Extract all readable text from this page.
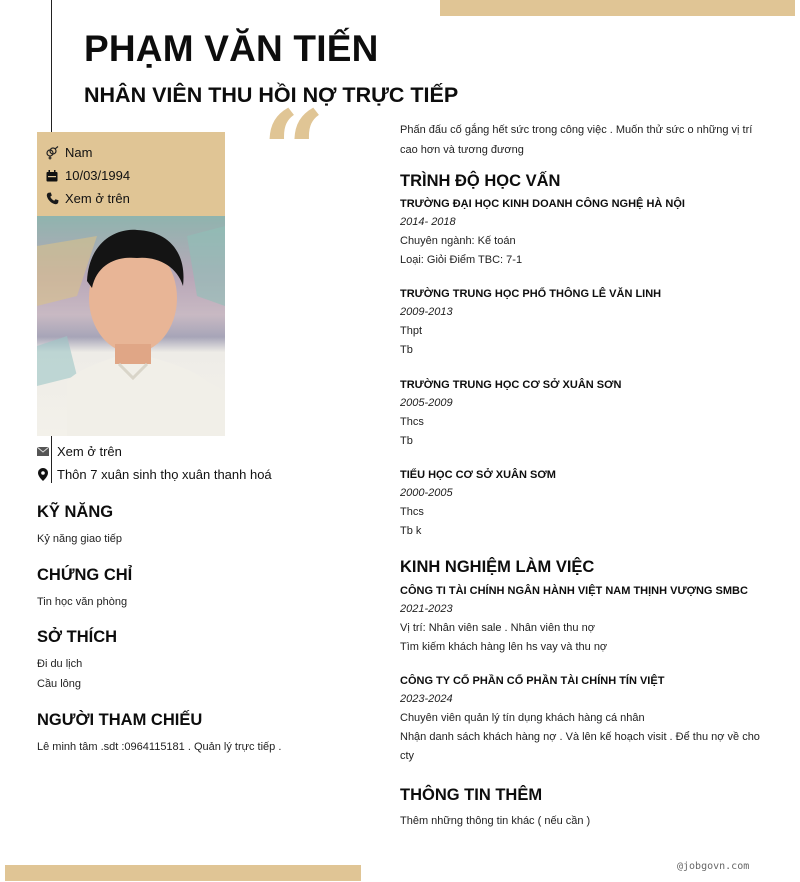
PHẠM VĂN TIẾN
NHÂN VIÊN THU HỒI NỢ TRỰC TIẾP
“
Nam
10/03/1994
Xem ở trên
Xem ở trên
Thôn 7 xuân sinh thọ xuân thanh hoá
KỸ NĂNG
Kỷ năng giao tiếp
CHỨNG CHỈ
Tin học văn phòng
SỞ THÍCH
Đi du lịch
Cầu lông
NGƯỜI THAM CHIẾU
Lê minh tâm .sdt :0964115181 . Quản lý trực tiếp .
Phấn đấu cố gắng hết sức trong công việc . Muốn thử sức o những vị trí
cao hơn và tương đương
TRÌNH ĐỘ HỌC VẤN
TRƯỜNG ĐẠI HỌC KINH DOANH CÔNG NGHỆ HÀ NỘI
2014- 2018
Chuyên ngành: Kế toán
Loại: Giỏi Điểm TBC: 7-1
TRƯỜNG TRUNG HỌC PHỔ THÔNG LÊ VĂN LINH
2009-2013
Thpt
Tb
TRƯỜNG TRUNG HỌC CƠ SỞ XUÂN SƠN
2005-2009
Thcs
Tb
TIỂU HỌC CƠ SỞ XUÂN SƠM
2000-2005
Thcs
Tb k
KINH NGHIỆM LÀM VIỆC
CÔNG TI TÀI CHÍNH NGÂN HÀNH VIỆT NAM THỊNH VƯỢNG SMBC
2021-2023
Vị trí: Nhân viên sale . Nhân viên thu nợ
Tìm kiếm khách hàng lên hs vay và thu nợ
CÔNG TY CỐ PHẦN CỐ PHẦN TÀI CHÍNH TÍN VIỆT
2023-2024
Chuyên viên quản lý tín dụng khách hàng cá nhân
Nhận danh sách khách hàng nợ . Và lên kế hoạch visit . Để thu nợ về cho
cty
THÔNG TIN THÊM
Thêm những thông tin khác ( nếu cần )
@jobgovn.com
